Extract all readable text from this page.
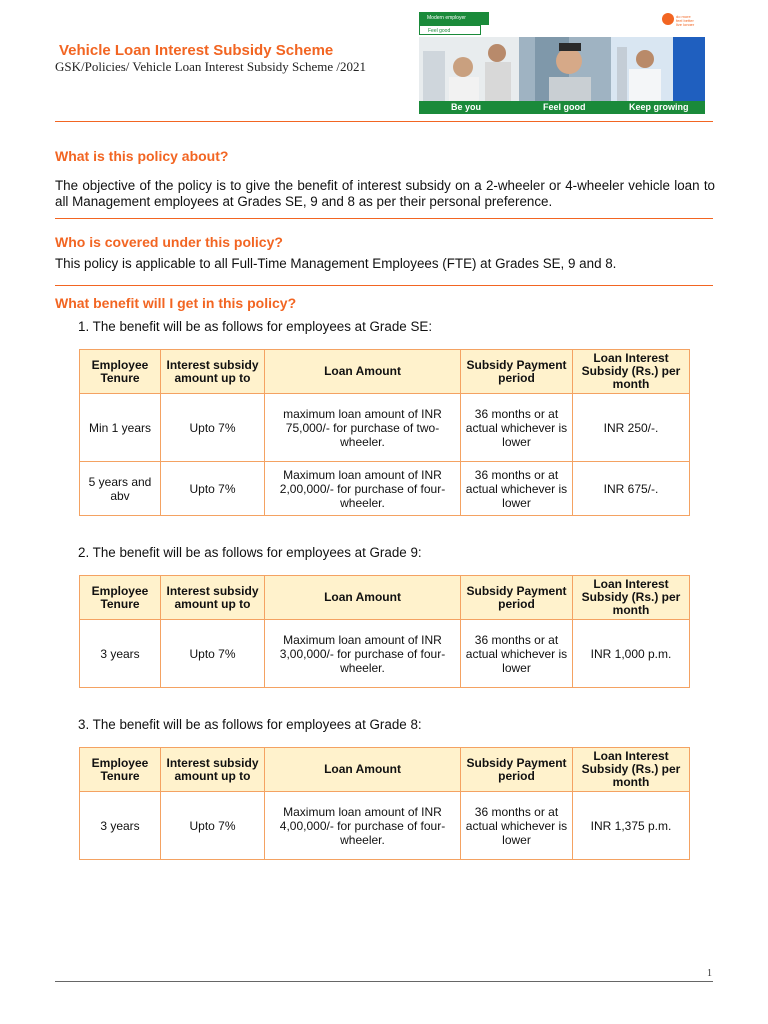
Vehicle Loan Interest Subsidy Scheme
GSK/Policies/ Vehicle Loan Interest Subsidy Scheme /2021
Modern employer
Feel good
do more
feel better
live longer
Be you	Feel good	Keep growing
What is this policy about?
The objective of the policy is to give the benefit of interest subsidy on a 2-wheeler or 4-wheeler vehicle loan to all Management employees at Grades SE, 9 and 8 as per their personal preference.
Who is covered under this policy?
This policy is applicable to all Full-Time Management Employees (FTE) at Grades SE, 9 and 8.
What benefit will I get in this policy?
1. The benefit will be as follows for employees at Grade SE:
Employee Tenure	Interest subsidy amount up to	Loan Amount	Subsidy Payment period	Loan Interest Subsidy (Rs.) per month
Min 1 years	Upto 7%	maximum loan amount of INR 75,000/- for purchase of two-wheeler.	36 months or at actual whichever is lower	INR 250/-.
5 years and abv	Upto 7%	Maximum loan amount of INR 2,00,000/- for purchase of four-wheeler.	36 months or at actual whichever is lower	INR 675/-.
2. The benefit will be as follows for employees at Grade 9:
Employee Tenure	Interest subsidy amount up to	Loan Amount	Subsidy Payment period	Loan Interest Subsidy (Rs.) per month
3 years	Upto 7%	Maximum loan amount of INR 3,00,000/- for purchase of four-wheeler.	36 months or at actual whichever is lower	INR 1,000 p.m.
3. The benefit will be as follows for employees at Grade 8:
Employee Tenure	Interest subsidy amount up to	Loan Amount	Subsidy Payment period	Loan Interest Subsidy (Rs.) per month
3 years	Upto 7%	Maximum loan amount of INR 4,00,000/- for purchase of four-wheeler.	36 months or at actual whichever is lower	INR 1,375 p.m.
1
